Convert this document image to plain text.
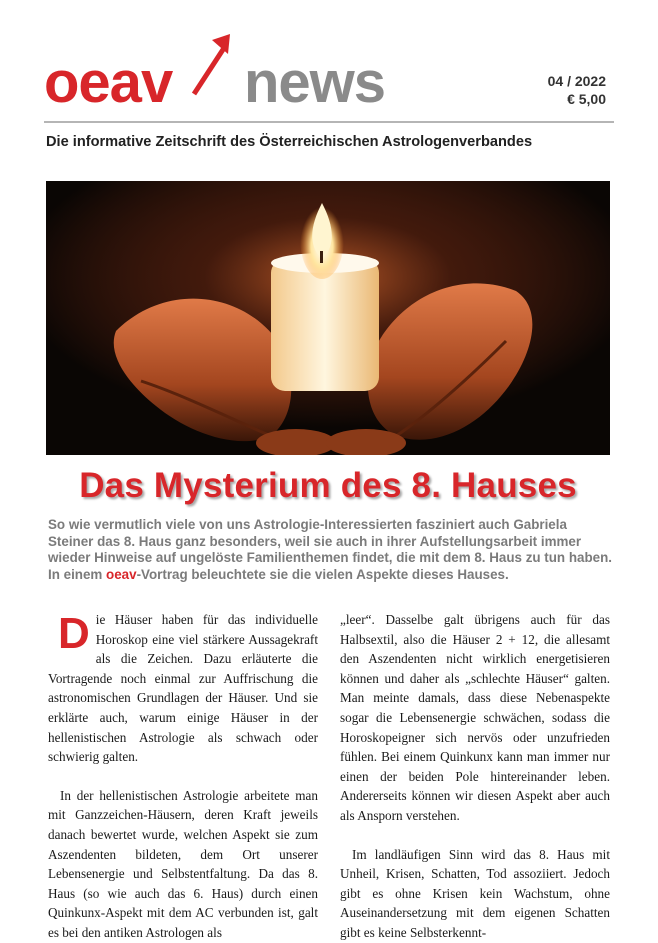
oeav news	04 / 2022
€ 5,00
Die informative Zeitschrift des Österreichischen Astrologenverbandes
Das Mysterium des 8. Hauses
So wie vermutlich viele von uns Astrologie-Interessierten fasziniert auch Gabriela Steiner das 8. Haus ganz besonders, weil sie auch in ihrer Aufstellungsarbeit immer wieder Hinweise auf ungelöste Familienthemen findet, die mit dem 8. Haus zu tun haben. In einem oeav-Vortrag beleuchtete sie die vielen Aspekte dieses Hauses.

Die Häuser haben für das individuelle Horoskop eine viel stärkere Aussagekraft als die Zeichen. Dazu erläuterte die Vortragende noch einmal zur Auffrischung die astronomischen Grundlagen der Häuser. Und sie erklärte auch, warum einige Häuser in der hellenistischen Astrologie als schwach oder schwierig galten.

In der hellenistischen Astrologie arbeitete man mit Ganzzeichen-Häusern, deren Kraft jeweils danach bewertet wurde, welchen Aspekt sie zum Aszendenten bildeten, dem Ort unserer Lebensenergie und Selbstentfaltung. Da das 8. Haus (so wie auch das 6. Haus) durch einen Quinkunx-Aspekt mit dem AC verbunden ist, galt es bei den antiken Astrologen als

„leer“. Dasselbe galt übrigens auch für das Halbsextil, also die Häuser 2 + 12, die allesamt den Aszendenten nicht wirklich energetisieren können und daher als „schlechte Häuser“ galten. Man meinte damals, dass diese Nebenaspekte sogar die Lebensenergie schwächen, sodass die Horoskopeigner sich nervös oder unzufrieden fühlen. Bei einem Quinkunx kann man immer nur einen der beiden Pole hintereinander leben. Andererseits können wir diesen Aspekt aber auch als Ansporn verstehen.

Im landläufigen Sinn wird das 8. Haus mit Unheil, Krisen, Schatten, Tod assoziiert. Jedoch gibt es ohne Krisen kein Wachstum, ohne Auseinandersetzung mit dem eigenen Schatten gibt es keine Selbsterkennt-
